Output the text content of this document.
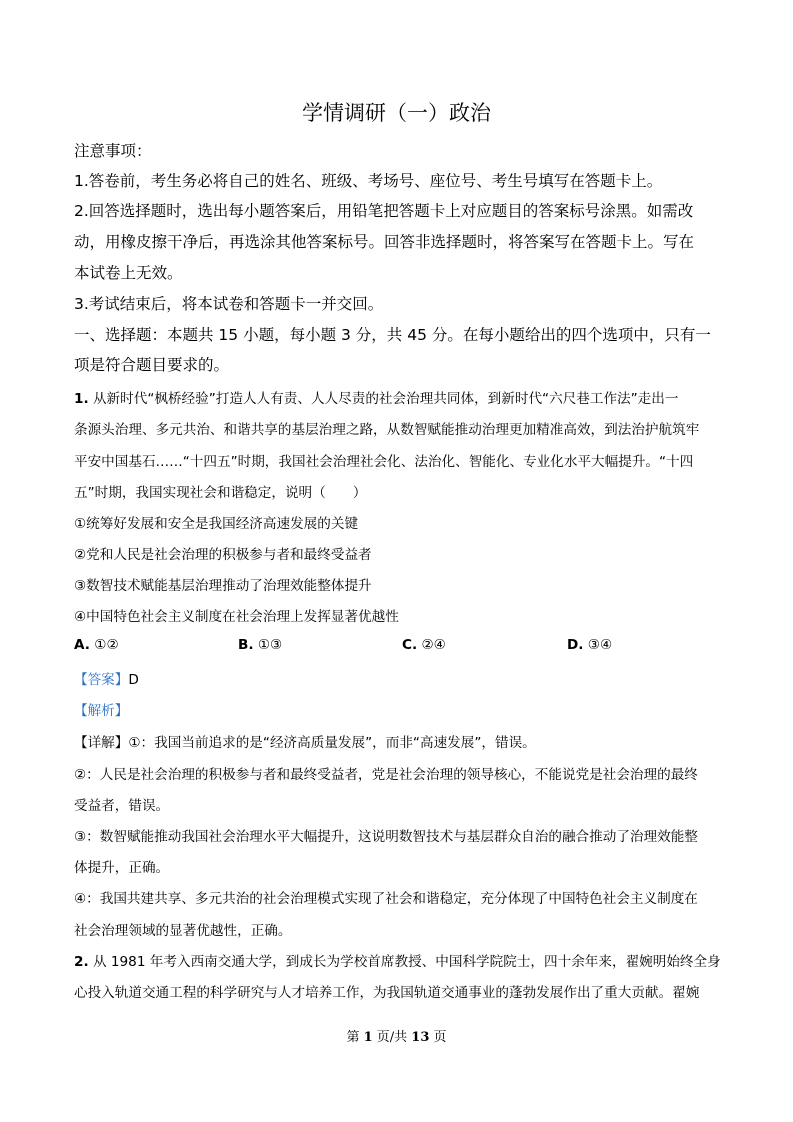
学情调研（一）政治
注意事项：
1.答卷前，考生务必将自己的姓名、班级、考场号、座位号、考生号填写在答题卡上。
2.回答选择题时，选出每小题答案后，用铅笔把答题卡上对应题目的答案标号涂黑。如需改
动，用橡皮擦干净后，再选涂其他答案标号。回答非选择题时，将答案写在答题卡上。写在
本试卷上无效。
3.考试结束后，将本试卷和答题卡一并交回。
一、选择题：本题共 15 小题，每小题 3 分，共 45 分。在每小题给出的四个选项中，只有一
项是符合题目要求的。
1. 从新时代“枫桥经验”打造人人有责、人人尽责的社会治理共同体，到新时代“六尺巷工作法”走出一
条源头治理、多元共治、和谐共享的基层治理之路，从数智赋能推动治理更加精准高效，到法治护航筑牢
平安中国基石……“十四五”时期，我国社会治理社会化、法治化、智能化、专业化水平大幅提升。“十四
五”时期，我国实现社会和谐稳定，说明（　　）
①统筹好发展和安全是我国经济高速发展的关键
②党和人民是社会治理的积极参与者和最终受益者
③数智技术赋能基层治理推动了治理效能整体提升
④中国特色社会主义制度在社会治理上发挥显著优越性
A. ①②	B. ①③	C. ②④	D. ③④
【答案】D
【解析】
【详解】①：我国当前追求的是“经济高质量发展”，而非“高速发展”，错误。
②：人民是社会治理的积极参与者和最终受益者，党是社会治理的领导核心，不能说党是社会治理的最终
受益者，错误。
③：数智赋能推动我国社会治理水平大幅提升，这说明数智技术与基层群众自治的融合推动了治理效能整
体提升，正确。
④：我国共建共享、多元共治的社会治理模式实现了社会和谐稳定，充分体现了中国特色社会主义制度在
社会治理领域的显著优越性，正确。
2. 从 1981 年考入西南交通大学，到成长为学校首席教授、中国科学院院士，四十余年来，翟婉明始终全身
心投入轨道交通工程的科学研究与人才培养工作，为我国轨道交通事业的蓬勃发展作出了重大贡献。翟婉
第 1 页/共 13 页
